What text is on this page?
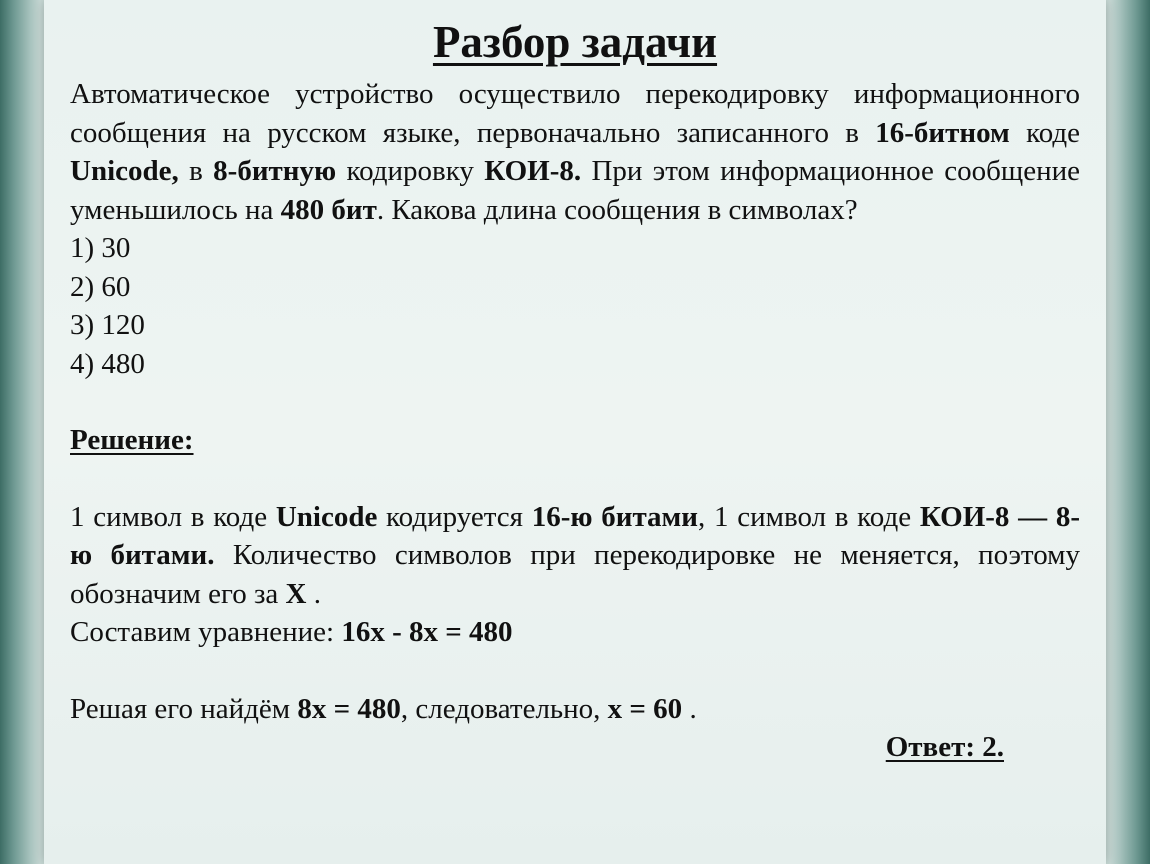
Разбор задачи

Автоматическое устройство осуществило перекодировку информационного сообщения на русском языке, первоначально записанного в 16-битном коде Unicode, в 8-битную кодировку КОИ-8. При этом информационное сообщение уменьшилось на 480 бит. Какова длина сообщения в символах?

1) 30
2) 60
3) 120
4) 480

Решение:

1 символ в коде Unicode кодируется 16-ю битами, 1 символ в коде КОИ-8 — 8-ю битами. Количество символов при перекодировке не меняется, поэтому обозначим его за X .

Составим уравнение: 16x - 8x = 480

Решая его найдём 8x = 480, следовательно, x = 60 .

Ответ: 2.
